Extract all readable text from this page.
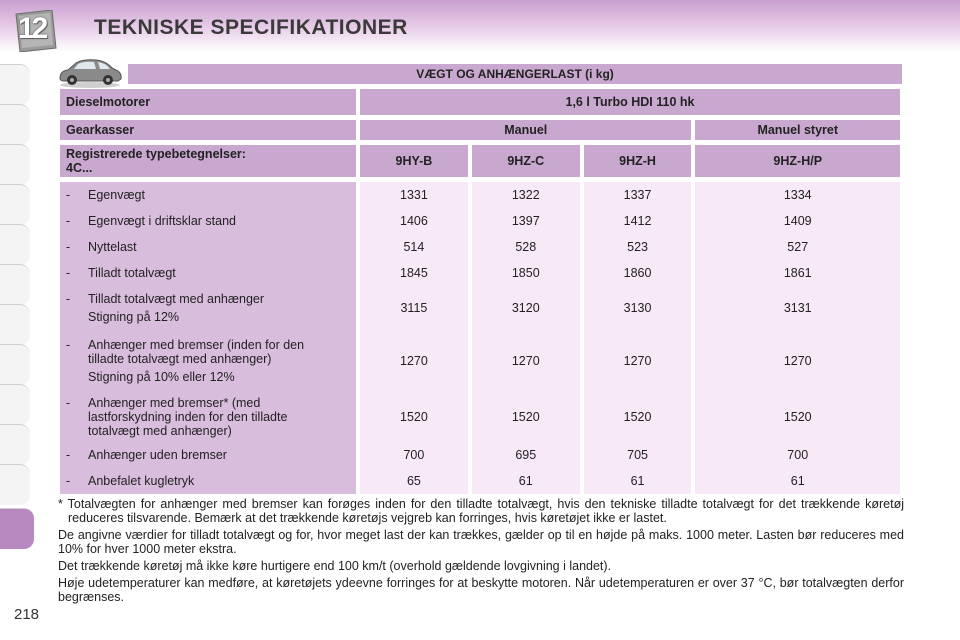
12 TEKNISKE SPECIFIKATIONER
VÆGT OG ANHÆNGERLAST (i kg)
Dieselmotorer	1,6 l Turbo HDI 110 hk			

Gearkasser	Manuel			Manuel styret

Registrerede typebetegnelser:
4C...	9HY-B	9HZ-C	9HZ-H	9HZ-H/P

- Egenvægt	1331	1322	1337	1334
- Egenvægt i driftsklar stand	1406	1397	1412	1409
- Nyttelast	514	528	523	527
- Tilladt totalvægt	1845	1850	1860	1861
- Tilladt totalvægt med anhænger
Stigning på 12%	3115	3120	3130	3131
- Anhænger med bremser (inden for den tilladte totalvægt med anhænger)
Stigning på 10% eller 12%	1270	1270	1270	1270
- Anhænger med bremser* (med lastforskydning inden for den tilladte totalvægt med anhænger)	1520	1520	1520	1520
- Anhænger uden bremser	700	695	705	700
- Anbefalet kugletryk	65	61	61	61

* Totalvægten for anhænger med bremser kan forøges inden for den tilladte totalvægt, hvis den tekniske tilladte totalvægt for det trækkende køretøj reduceres tilsvarende. Bemærk at det trækkende køretøjs vejgreb kan forringes, hvis køretøjet ikke er lastet.

De angivne værdier for tilladt totalvægt og for, hvor meget last der kan trækkes, gælder op til en højde på maks. 1000 meter. Lasten bør reduceres med 10% for hver 1000 meter ekstra.

Det trækkende køretøj må ikke køre hurtigere end 100 km/t (overhold gældende lovgivning i landet).

Høje udetemperaturer kan medføre, at køretøjets ydeevne forringes for at beskytte motoren. Når udetemperaturen er over 37 °C, bør totalvægten derfor begrænses.

218
